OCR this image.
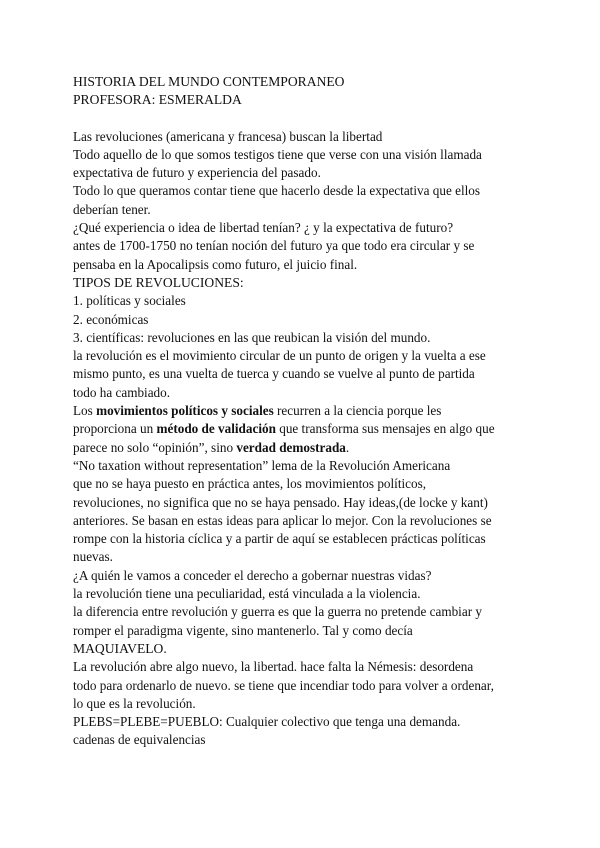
HISTORIA DEL MUNDO CONTEMPORANEO

PROFESORA: ESMERALDA

Las revoluciones (americana y francesa) buscan la libertad

Todo aquello de lo que somos testigos tiene que verse con una visión llamada

expectativa de futuro y experiencia del pasado.

Todo lo que queramos contar tiene que hacerlo desde la expectativa que ellos

deberían tener.

¿Qué experiencia o idea de libertad tenían? ¿ y la expectativa de futuro?

antes de 1700-1750 no tenían noción del futuro ya que todo era circular y se

pensaba en la Apocalipsis como futuro, el juicio final.

TIPOS DE REVOLUCIONES:

1. políticas y sociales

2. económicas

3. científicas: revoluciones en las que reubican la visión del mundo.

la revolución es el movimiento circular de un punto de origen y la vuelta a ese

mismo punto, es una vuelta de tuerca y cuando se vuelve al punto de partida

todo ha cambiado.

Los movimientos políticos y sociales recurren a la ciencia porque les

proporciona un método de validación que transforma sus mensajes en algo que

parece no solo “opinión”, sino verdad demostrada.

“No taxation without representation” lema de la Revolución Americana

que no se haya puesto en práctica antes, los movimientos políticos,

revoluciones, no significa que no se haya pensado. Hay ideas,(de locke y kant)

anteriores. Se basan en estas ideas para aplicar lo mejor. Con la revoluciones se

rompe con la historia cíclica y a partir de aquí se establecen prácticas políticas

nuevas.

¿A quién le vamos a conceder el derecho a gobernar nuestras vidas?

la revolución tiene una peculiaridad, está vinculada a la violencia.

la diferencia entre revolución y guerra es que la guerra no pretende cambiar y

romper el paradigma vigente, sino mantenerlo. Tal y como decía

MAQUIAVELO.

La revolución abre algo nuevo, la libertad. hace falta la Némesis: desordena

todo para ordenarlo de nuevo. se tiene que incendiar todo para volver a ordenar,

lo que es la revolución.

PLEBS=PLEBE=PUEBLO: Cualquier colectivo que tenga una demanda.

cadenas de equivalencias
